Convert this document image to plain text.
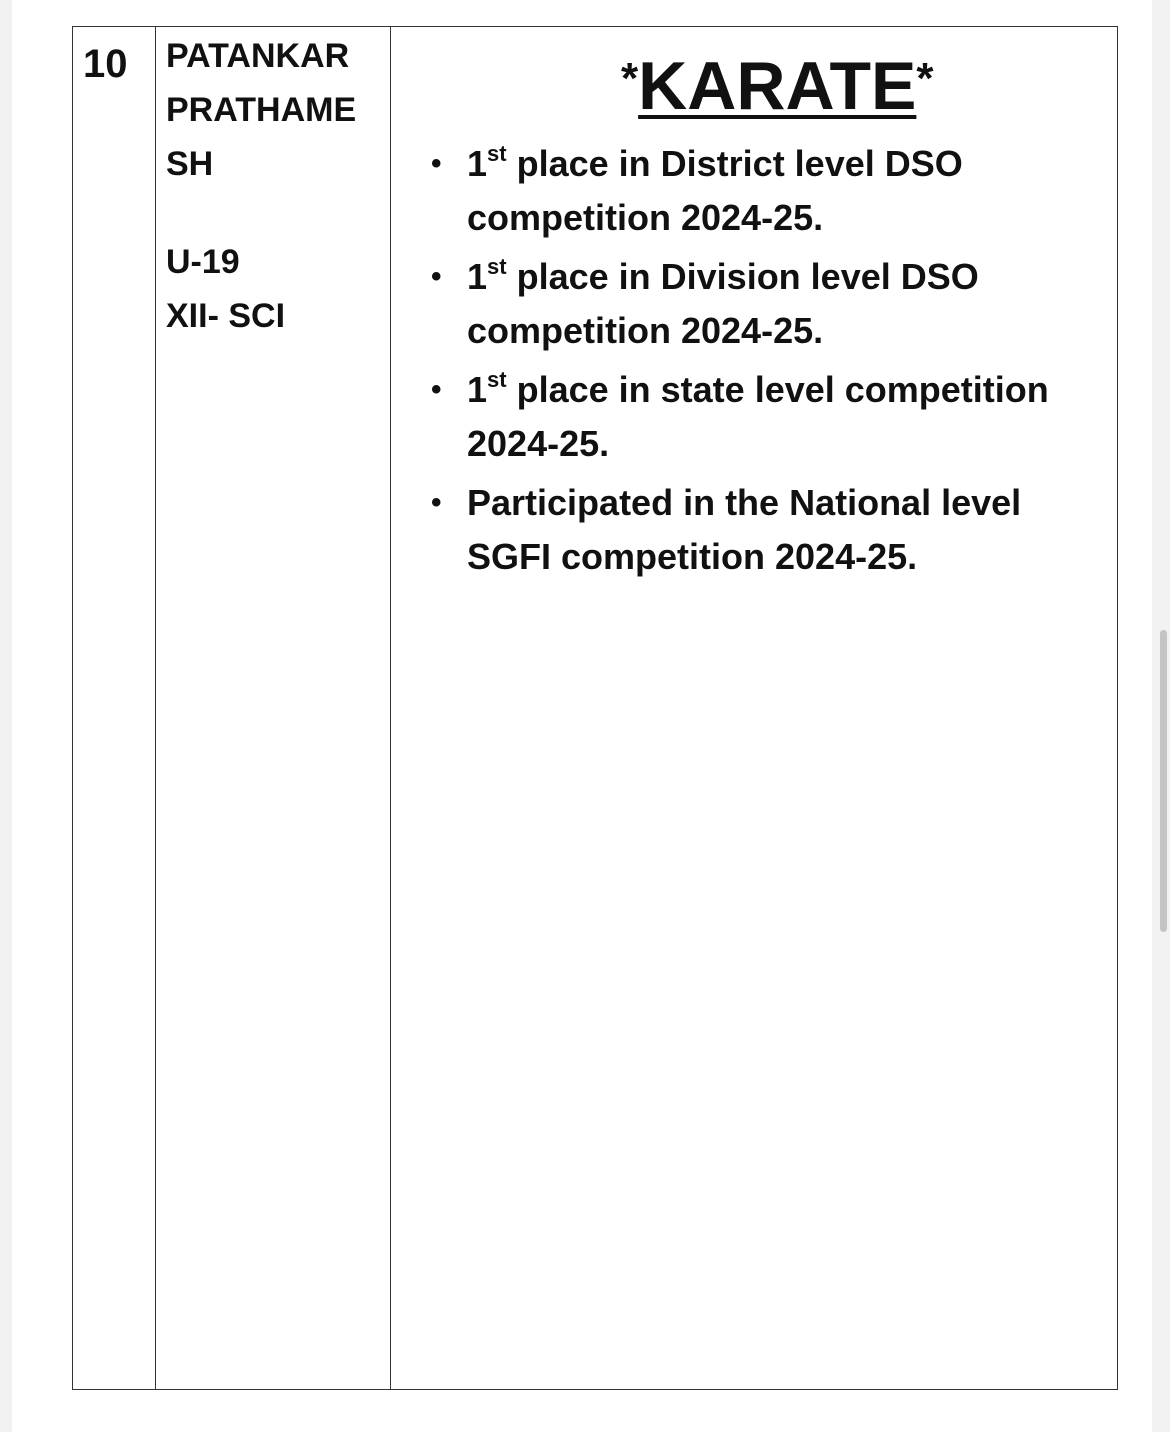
10 PATANKAR
PRATHAME
SH
U-19
XII- SCI
*KARATE*
• 1st place in District level DSO competition 2024-25.
• 1st place in Division level DSO competition 2024-25.
• 1st place in state level competition 2024-25.
• Participated in the National level SGFI competition 2024-25.
